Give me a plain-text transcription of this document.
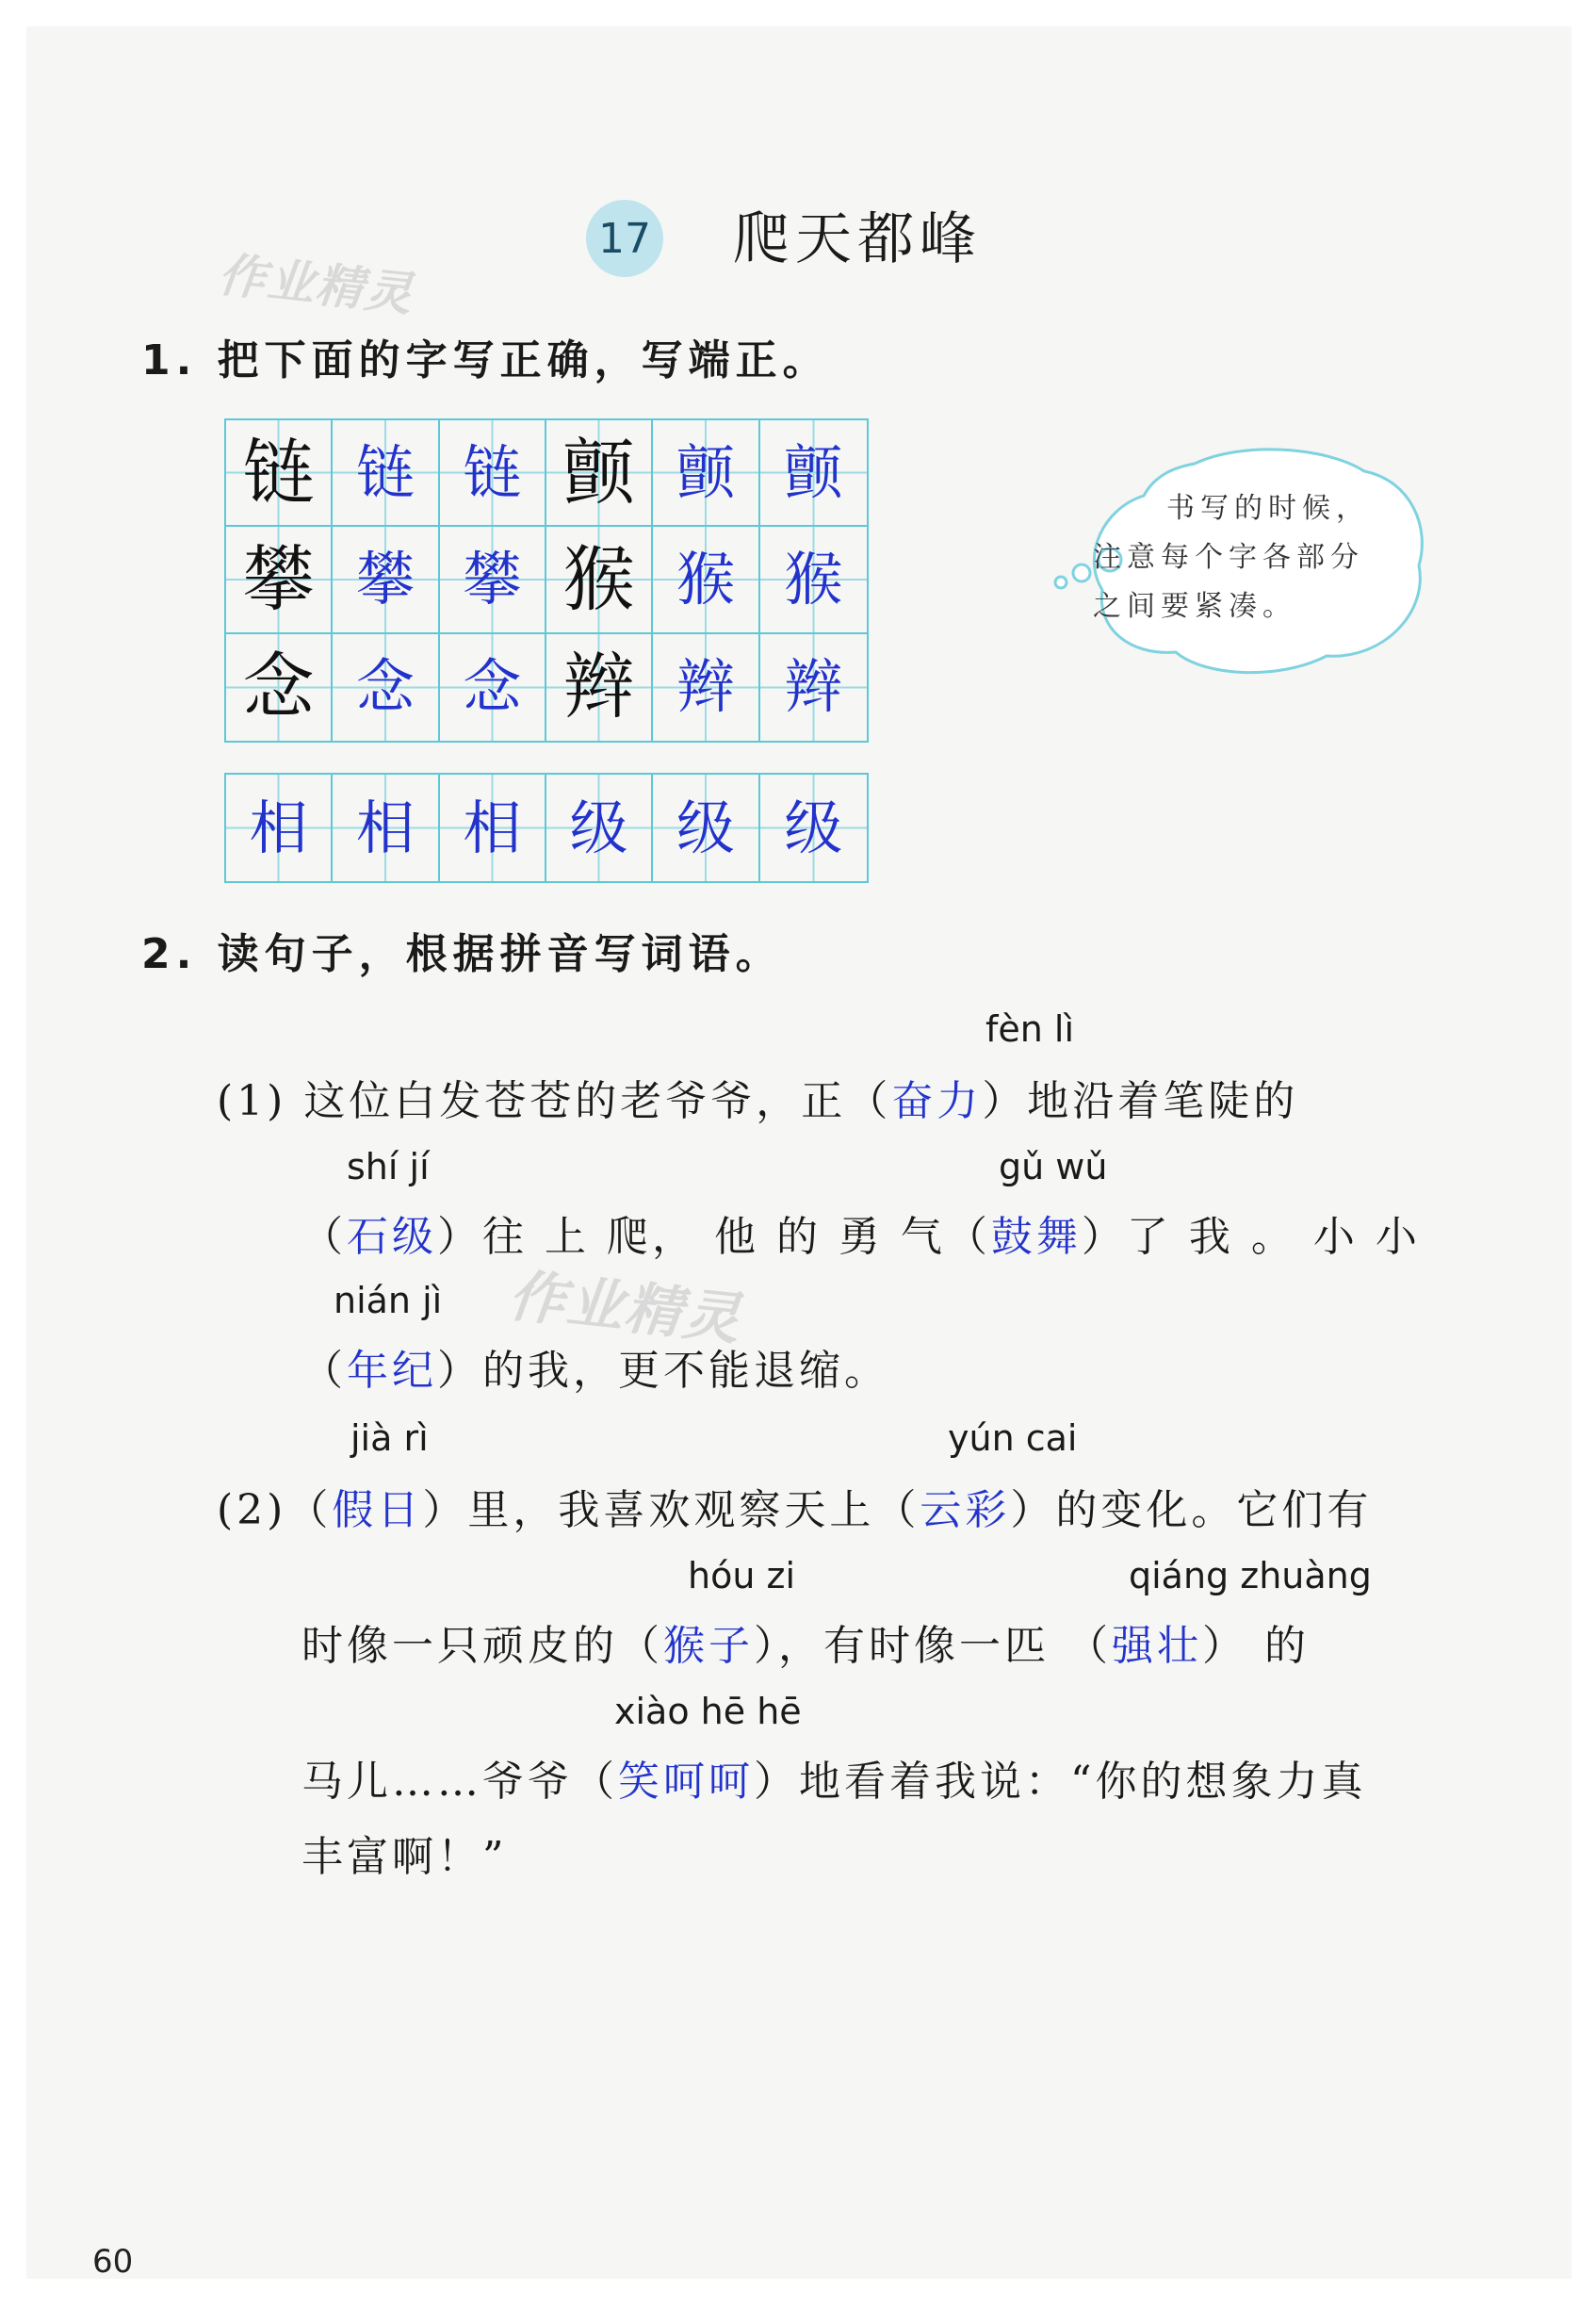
17 爬天都峰
作业精灵
1. 把下面的字写正确，写端正。
链 链 链 颤 颤 颤
攀 攀 攀 猴 猴 猴
念 念 念 辫 辫 辫
相 相 相 级 级 级
书写的时候，
注意每个字各部分
之间要紧凑。
2. 读句子，根据拼音写词语。
fèn lì
(1) 这位白发苍苍的老爷爷，正（奋力）地沿着笔陡的
shí jí	gǔ wǔ
（石级）往 上 爬， 他 的 勇 气（鼓舞）了 我 。 小 小
nián jì 作业精灵
（年纪）的我，更不能退缩。
jià rì	yún cai
(2)（假日）里，我喜欢观察天上（云彩）的变化。它们有
hóu zi	qiáng zhuàng
时像一只顽皮的（猴子），有时像一匹 （强壮） 的
xiào hē hē
马儿……爷爷（笑呵呵）地看着我说：“你的想象力真
丰富啊！”
60
